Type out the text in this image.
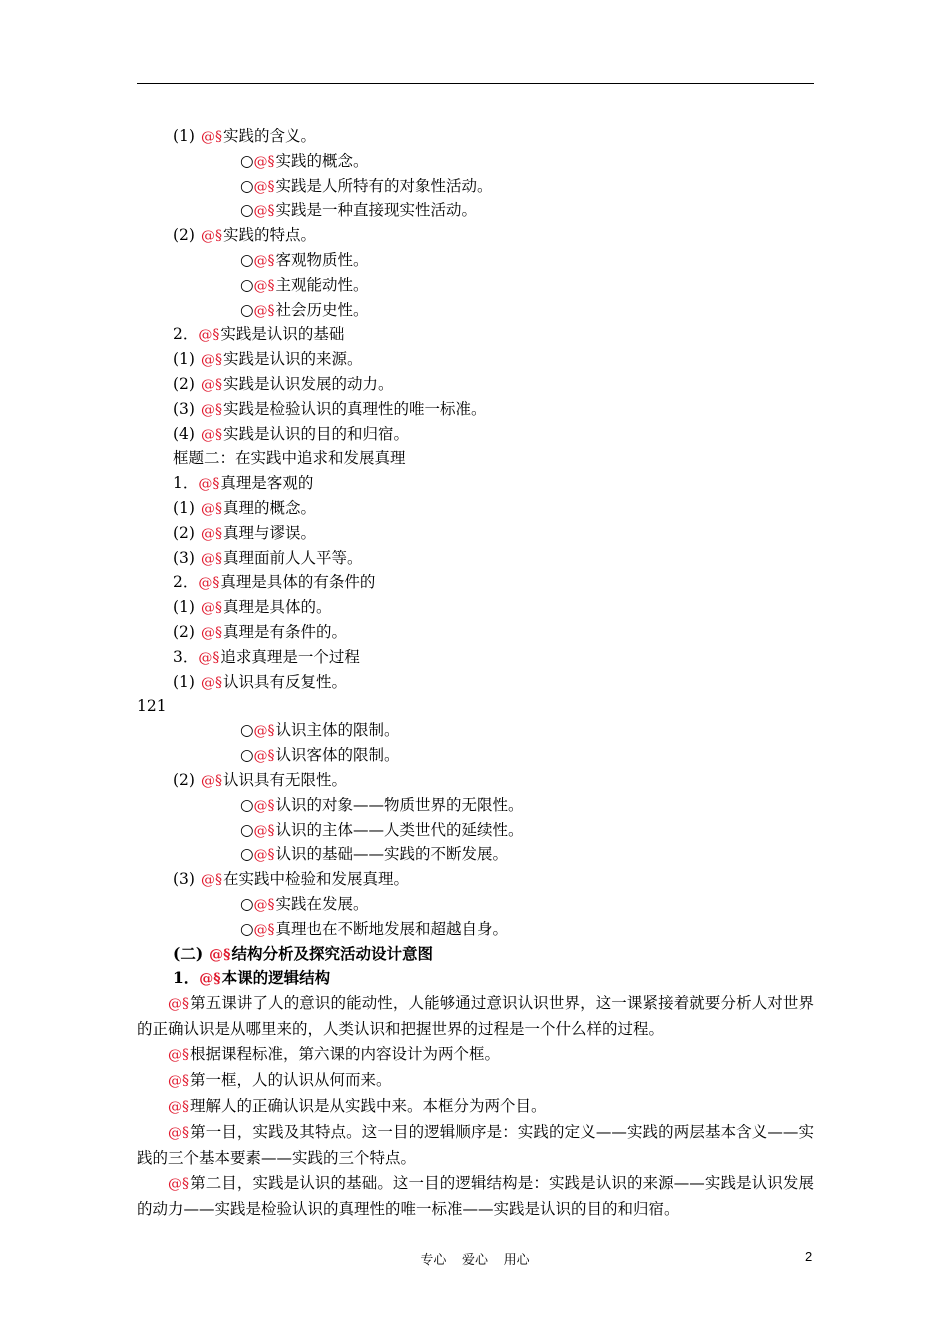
(1) @§实践的含义。
○@§实践的概念。
○@§实践是人所特有的对象性活动。
○@§实践是一种直接现实性活动。
(2) @§实践的特点。
○@§客观物质性。
○@§主观能动性。
○@§社会历史性。
2．@§实践是认识的基础
(1) @§实践是认识的来源。
(2) @§实践是认识发展的动力。
(3) @§实践是检验认识的真理性的唯一标准。
(4) @§实践是认识的目的和归宿。
框题二：在实践中追求和发展真理
1．@§真理是客观的
(1) @§真理的概念。
(2) @§真理与谬误。
(3) @§真理面前人人平等。
2．@§真理是具体的有条件的
(1) @§真理是具体的。
(2) @§真理是有条件的。
3．@§追求真理是一个过程
(1) @§认识具有反复性。
121
○@§认识主体的限制。
○@§认识客体的限制。
(2) @§认识具有无限性。
○@§认识的对象——物质世界的无限性。
○@§认识的主体——人类世代的延续性。
○@§认识的基础——实践的不断发展。
(3) @§在实践中检验和发展真理。
○@§实践在发展。
○@§真理也在不断地发展和超越自身。
(二) @§结构分析及探究活动设计意图
1．@§本课的逻辑结构

@§第五课讲了人的意识的能动性，人能够通过意识认识世界，这一课紧接着就要分析人对世界的正确认识是从哪里来的，人类认识和把握世界的过程是一个什么样的过程。

@§根据课程标准，第六课的内容设计为两个框。

@§第一框，人的认识从何而来。

@§理解人的正确认识是从实践中来。本框分为两个目。

@§第一目，实践及其特点。这一目的逻辑顺序是：实践的定义——实践的两层基本含义——实践的三个基本要素——实践的三个特点。

@§第二目，实践是认识的基础。这一目的逻辑结构是：实践是认识的来源——实践是认识发展的动力——实践是检验认识的真理性的唯一标准——实践是认识的目的和归宿。

专心 爱心 用心	2
